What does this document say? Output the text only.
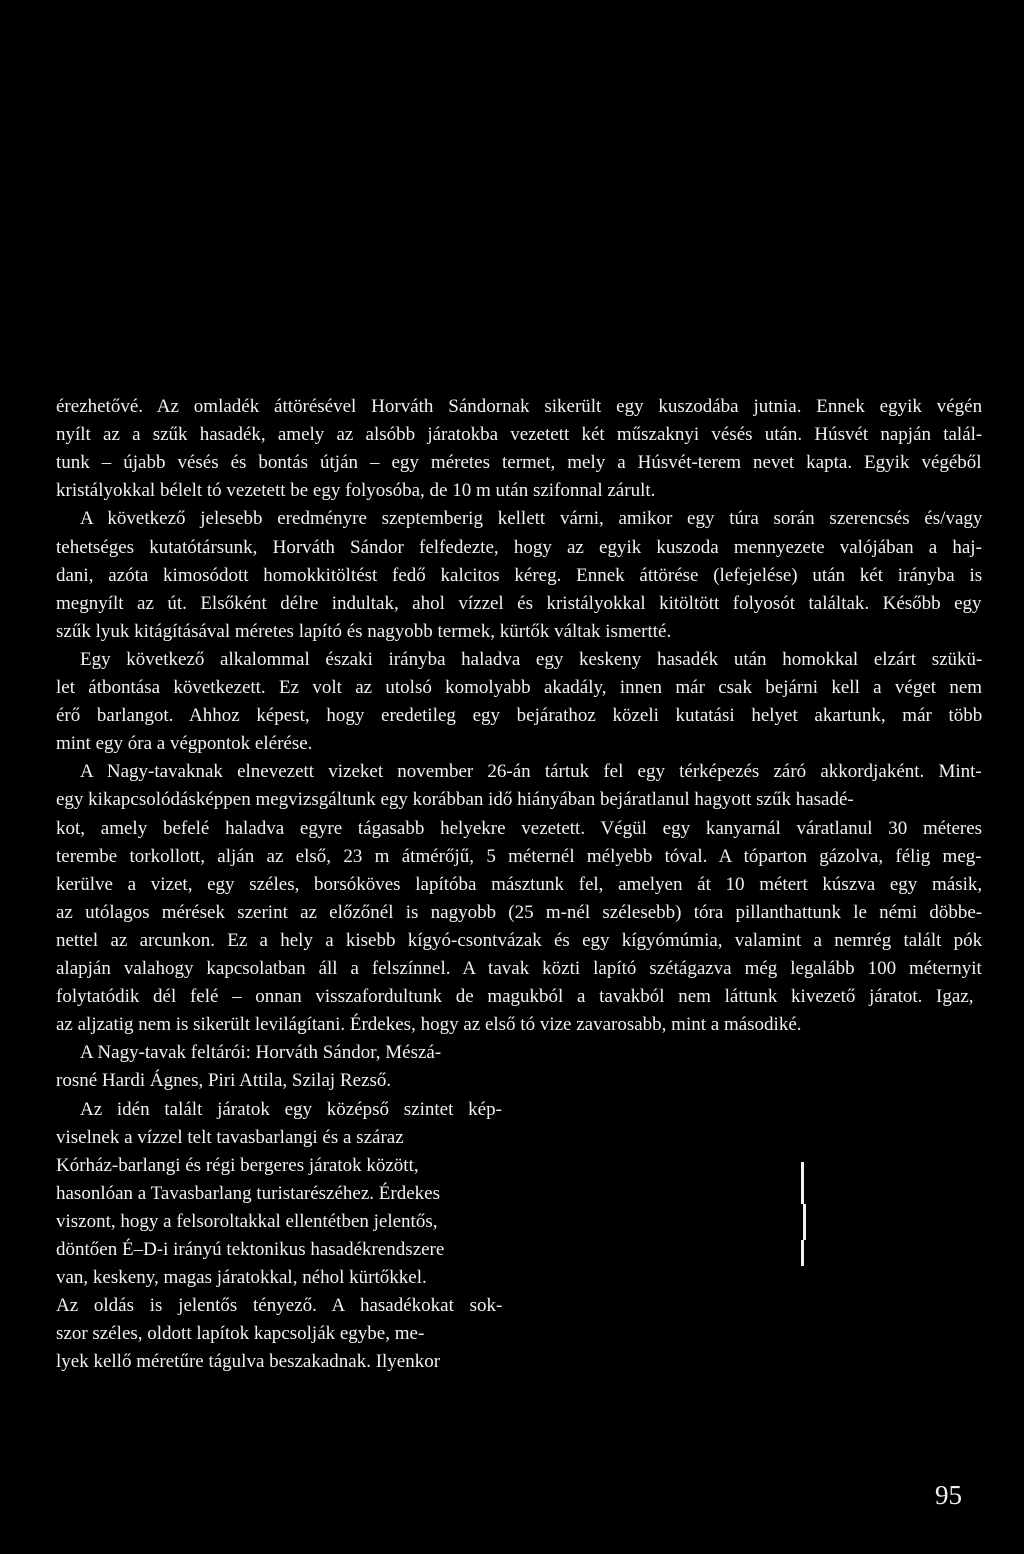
érezhetővé. Az omladék áttörésével Horváth Sándornak sikerült egy kuszodába jutnia. Ennek egyik végén
nyílt az a szűk hasadék, amely az alsóbb járatokba vezetett két műszaknyi vésés után. Húsvét napján talál-
tunk – újabb vésés és bontás útján – egy méretes termet, mely a Húsvét-terem nevet kapta. Egyik végéből
kristályokkal bélelt tó vezetett be egy folyosóba, de 10 m után szifonnal zárult.
A következő jelesebb eredményre szeptemberig kellett várni, amikor egy túra során szerencsés és/vagy
tehetséges kutatótársunk, Horváth Sándor felfedezte, hogy az egyik kuszoda mennyezete valójában a haj-
dani, azóta kimosódott homokkitöltést fedő kalcitos kéreg. Ennek áttörése (lefejelése) után két irányba is
megnyílt az út. Elsőként délre indultak, ahol vízzel és kristályokkal kitöltött folyosót találtak. Később egy
szűk lyuk kitágításával méretes lapító és nagyobb termek, kürtők váltak ismertté.
Egy következő alkalommal északi irányba haladva egy keskeny hasadék után homokkal elzárt szükü-
let átbontása következett. Ez volt az utolsó komolyabb akadály, innen már csak bejárni kell a véget nem
érő barlangot. Ahhoz képest, hogy eredetileg egy bejárathoz közeli kutatási helyet akartunk, már több
mint egy óra a végpontok elérése.
A Nagy-tavaknak elnevezett vizeket november 26-án tártuk fel egy térképezés záró akkordjaként. Mint-
egy kikapcsolódásképpen megvizsgáltunk egy korábban idő hiányában bejáratlanul hagyott szűk hasadé-
kot, amely befelé haladva egyre tágasabb helyekre vezetett. Végül egy kanyarnál váratlanul 30 méteres
terembe torkollott, alján az első, 23 m átmérőjű, 5 méternél mélyebb tóval. A tóparton gázolva, félig meg-
kerülve a vizet, egy széles, borsóköves lapítóba másztunk fel, amelyen át 10 métert kúszva egy másik,
az utólagos mérések szerint az előzőnél is nagyobb (25 m-nél szélesebb) tóra pillanthattunk le némi döbbe-
nettel az arcunkon. Ez a hely a kisebb kígyó-csontvázak és egy kígyómúmia, valamint a nemrég talált pók
alapján valahogy kapcsolatban áll a felszínnel. A tavak közti lapító szétágazva még legalább 100 méternyit
folytatódik dél felé – onnan visszafordultunk de magukból a tavakból nem láttunk kivezető járatot. Igaz,
az aljzatig nem is sikerült levilágítani. Érdekes, hogy az első tó vize zavarosabb, mint a másodiké.
A Nagy-tavak feltárói: Horváth Sándor, Mészá-
rosné Hardi Ágnes, Piri Attila, Szilaj Rezső.
Az idén talált járatok egy középső szintet kép-
viselnek a vízzel telt tavasbarlangi és a száraz
Kórház-barlangi és régi bergeres járatok között,
hasonlóan a Tavasbarlang turistarészéhez. Érdekes
viszont, hogy a felsoroltakkal ellentétben jelentős,
döntően É–D-i irányú tektonikus hasadékrendszere
van, keskeny, magas járatokkal, néhol kürtőkkel.
Az oldás is jelentős tényező. A hasadékokat sok-
szor széles, oldott lapítok kapcsolják egybe, me-
lyek kellő méretűre tágulva beszakadnak. Ilyenkor
95
